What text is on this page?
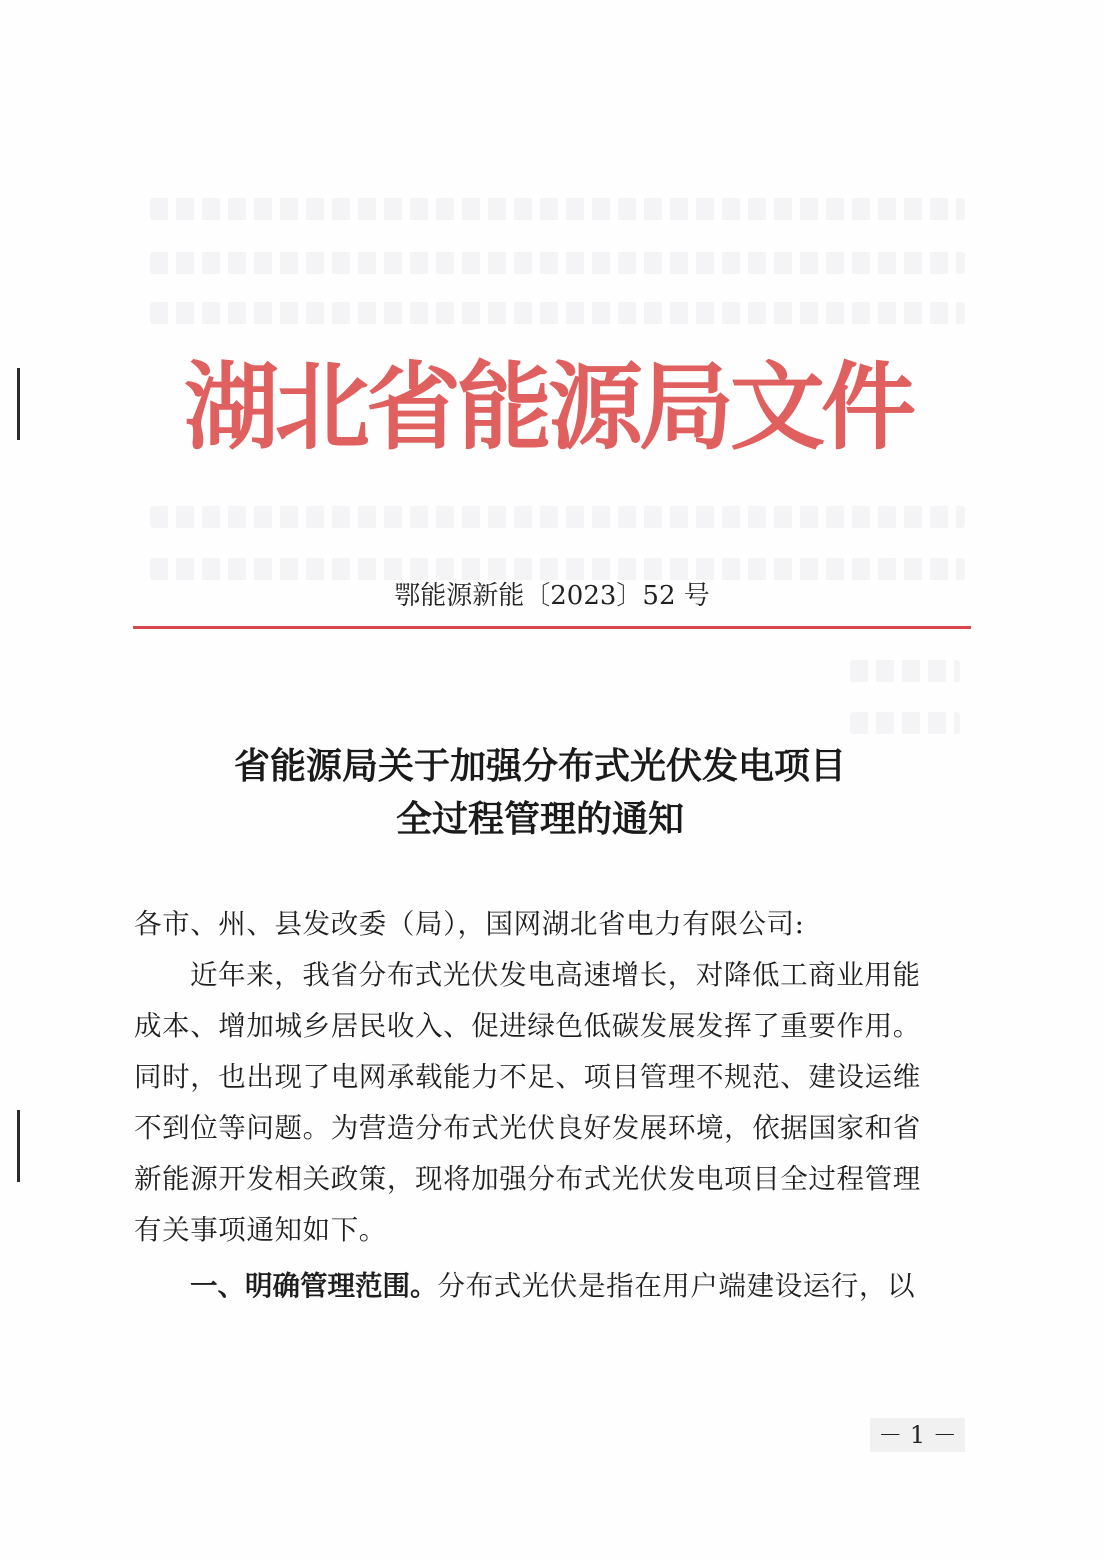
湖北省能源局文件
鄂能源新能〔2023〕52 号
省能源局关于加强分布式光伏发电项目
全过程管理的通知
各市、州、县发改委（局），国网湖北省电力有限公司:
近年来，我省分布式光伏发电高速增长，对降低工商业用能
成本、增加城乡居民收入、促进绿色低碳发展发挥了重要作用。
同时，也出现了电网承载能力不足、项目管理不规范、建设运维
不到位等问题。为营造分布式光伏良好发展环境，依据国家和省
新能源开发相关政策，现将加强分布式光伏发电项目全过程管理
有关事项通知如下。
一、明确管理范围。分布式光伏是指在用户端建设运行，以
－ 1 －
